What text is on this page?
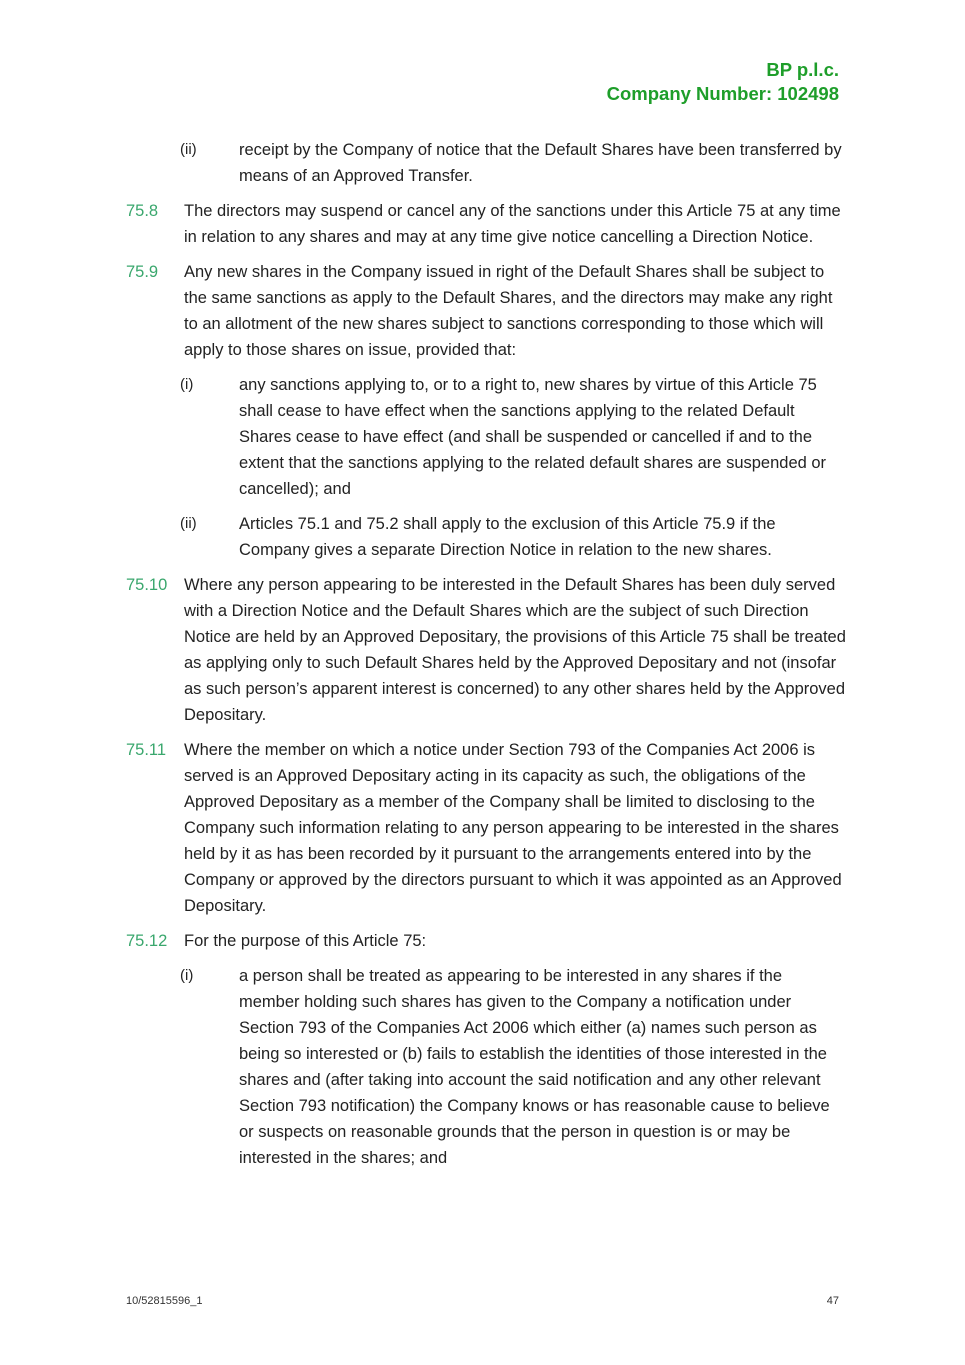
BP p.l.c.
Company Number: 102498
(ii)	receipt by the Company of notice that the Default Shares have been transferred by means of an Approved Transfer.
75.8 The directors may suspend or cancel any of the sanctions under this Article 75 at any time in relation to any shares and may at any time give notice cancelling a Direction Notice.
75.9 Any new shares in the Company issued in right of the Default Shares shall be subject to the same sanctions as apply to the Default Shares, and the directors may make any right to an allotment of the new shares subject to sanctions corresponding to those which will apply to those shares on issue, provided that:
(i)	any sanctions applying to, or to a right to, new shares by virtue of this Article 75 shall cease to have effect when the sanctions applying to the related Default Shares cease to have effect (and shall be suspended or cancelled if and to the extent that the sanctions applying to the related default shares are suspended or cancelled); and
(ii)	Articles 75.1 and 75.2 shall apply to the exclusion of this Article 75.9 if the Company gives a separate Direction Notice in relation to the new shares.
75.10 Where any person appearing to be interested in the Default Shares has been duly served with a Direction Notice and the Default Shares which are the subject of such Direction Notice are held by an Approved Depositary, the provisions of this Article 75 shall be treated as applying only to such Default Shares held by the Approved Depositary and not (insofar as such person’s apparent interest is concerned) to any other shares held by the Approved Depositary.
75.11 Where the member on which a notice under Section 793 of the Companies Act 2006 is served is an Approved Depositary acting in its capacity as such, the obligations of the Approved Depositary as a member of the Company shall be limited to disclosing to the Company such information relating to any person appearing to be interested in the shares held by it as has been recorded by it pursuant to the arrangements entered into by the Company or approved by the directors pursuant to which it was appointed as an Approved Depositary.
75.12 For the purpose of this Article 75:
(i)	a person shall be treated as appearing to be interested in any shares if the member holding such shares has given to the Company a notification under Section 793 of the Companies Act 2006 which either (a) names such person as being so interested or (b) fails to establish the identities of those interested in the shares and (after taking into account the said notification and any other relevant Section 793 notification) the Company knows or has reasonable cause to believe or suspects on reasonable grounds that the person in question is or may be interested in the shares; and
10/52815596_1	47
